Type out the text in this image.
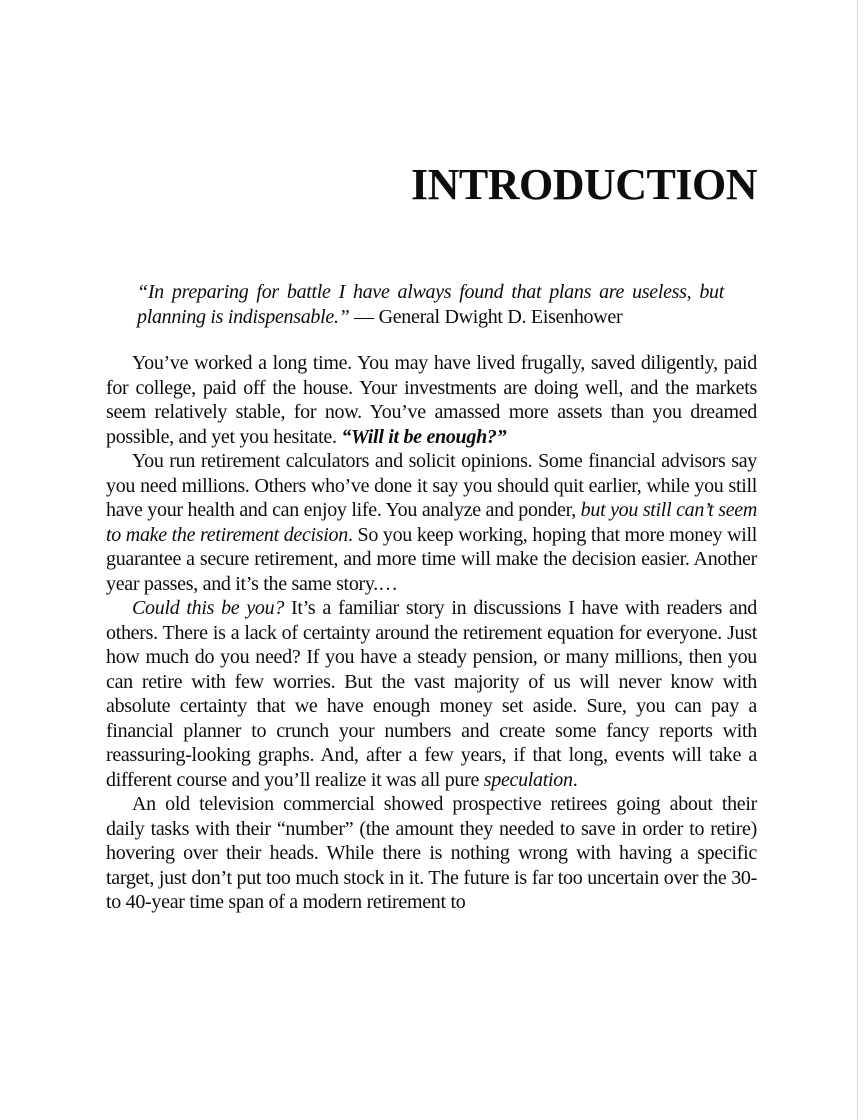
INTRODUCTION
“In preparing for battle I have always found that plans are useless, but planning is indispensable.” — General Dwight D. Eisenhower

You’ve worked a long time. You may have lived frugally, saved diligently, paid for college, paid off the house. Your investments are doing well, and the markets seem relatively stable, for now. You’ve amassed more assets than you dreamed possible, and yet you hesitate. “Will it be enough?”

You run retirement calculators and solicit opinions. Some financial advisors say you need millions. Others who’ve done it say you should quit earlier, while you still have your health and can enjoy life. You analyze and ponder, but you still can’t seem to make the retirement decision. So you keep working, hoping that more money will guarantee a secure retirement, and more time will make the decision easier. Another year passes, and it’s the same story.…

Could this be you? It’s a familiar story in discussions I have with readers and others. There is a lack of certainty around the retirement equation for everyone. Just how much do you need? If you have a steady pension, or many millions, then you can retire with few worries. But the vast majority of us will never know with absolute certainty that we have enough money set aside. Sure, you can pay a financial planner to crunch your numbers and create some fancy reports with reassuring-looking graphs. And, after a few years, if that long, events will take a different course and you’ll realize it was all pure speculation.

An old television commercial showed prospective retirees going about their daily tasks with their “number” (the amount they needed to save in order to retire) hovering over their heads. While there is nothing wrong with having a specific target, just don’t put too much stock in it. The future is far too uncertain over the 30- to 40-year time span of a modern retirement to
